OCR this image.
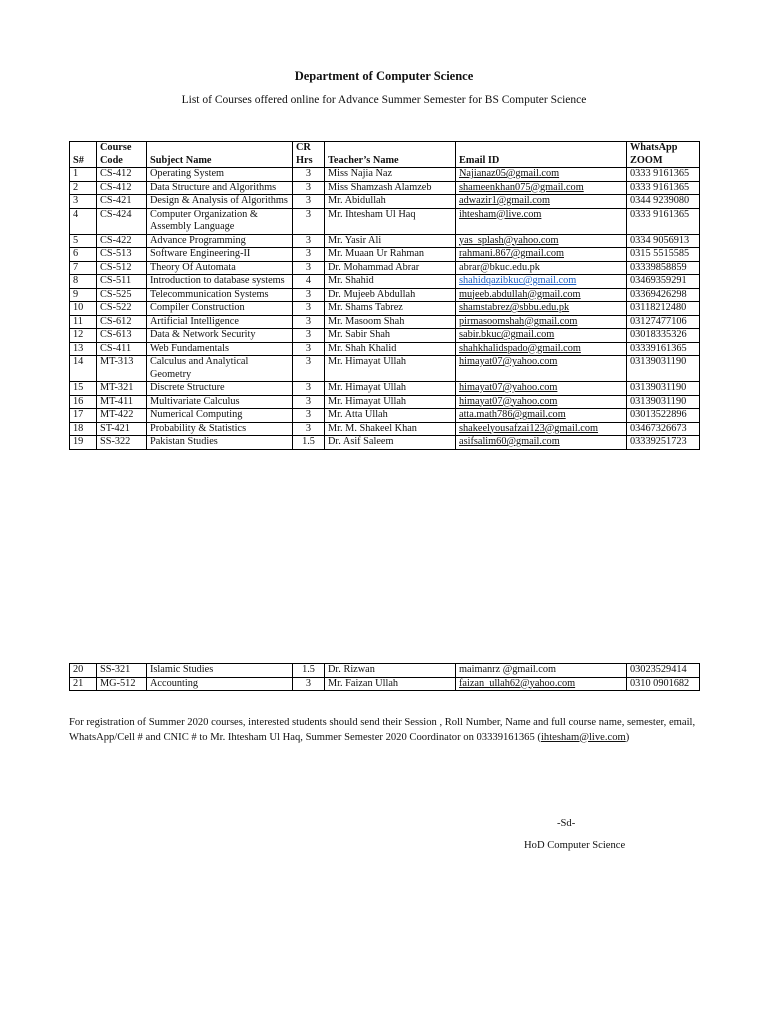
Department of Computer Science
List of Courses offered online for Advance Summer Semester for BS Computer Science
S#	Course Code	Subject Name	CR Hrs	Teacher’s Name	Email ID	WhatsApp ZOOM
1	CS-412	Operating System	3	Miss Najia Naz	Najianaz05@gmail.com	0333 9161365
2	CS-412	Data Structure and Algorithms	3	Miss Shamzash Alamzeb	shameenkhan075@gmail.com	0333 9161365
3	CS-421	Design & Analysis of Algorithms	3	Mr. Abidullah	adwazir1@gmail.com	0344 9239080
4	CS-424	Computer Organization & Assembly Language	3	Mr. Ihtesham Ul Haq	ihtesham@live.com	0333 9161365
5	CS-422	Advance Programming	3	Mr. Yasir Ali	yas_splash@yahoo.com	0334 9056913
6	CS-513	Software Engineering-II	3	Mr. Muaan Ur Rahman	rahmani.867@gmail.com	0315 5515585
7	CS-512	Theory Of Automata	3	Dr. Mohammad Abrar	abrar@bkuc.edu.pk	03339858859
8	CS-511	Introduction to database systems	4	Mr. Shahid	shahidqazibkuc@gmail.com	03469359291
9	CS-525	Telecommunication Systems	3	Dr. Mujeeb Abdullah	mujeeb.abdullah@gmail.com	03369426298
10	CS-522	Compiler Construction	3	Mr. Shams Tabrez	shamstabrez@sbbu.edu.pk	03118212480
11	CS-612	Artificial Intelligence	3	Mr. Masoom Shah	pirmasoomshah@gmail.com	03127477106
12	CS-613	Data & Network Security	3	Mr. Sabir Shah	sabir.bkuc@gmail.com	03018335326
13	CS-411	Web Fundamentals	3	Mr. Shah Khalid	shahkhalidspado@gmail.com	03339161365
14	MT-313	Calculus and Analytical Geometry	3	Mr. Himayat Ullah	himayat07@yahoo.com	03139031190
15	MT-321	Discrete Structure	3	Mr. Himayat Ullah	himayat07@yahoo.com	03139031190
16	MT-411	Multivariate Calculus	3	Mr. Himayat Ullah	himayat07@yahoo.com	03139031190
17	MT-422	Numerical Computing	3	Mr. Atta Ullah	atta.math786@gmail.com	03013522896
18	ST-421	Probability & Statistics	3	Mr. M. Shakeel Khan	shakeelyousafzai123@gmail.com	03467326673
19	SS-322	Pakistan Studies	1.5	Dr. Asif Saleem	asifsalim60@gmail.com	03339251723
20	SS-321	Islamic Studies	1.5	Dr. Rizwan	maimanrz @gmail.com	03023529414
21	MG-512	Accounting	3	Mr. Faizan Ullah	faizan_ullah62@yahoo.com	0310 0901682
For registration of Summer 2020 courses, interested students should send their Session , Roll Number, Name and full course name, semester, email, WhatsApp/Cell # and CNIC # to Mr. Ihtesham Ul Haq, Summer Semester 2020 Coordinator on 03339161365 (ihtesham@live.com)
-Sd-
HoD Computer Science
